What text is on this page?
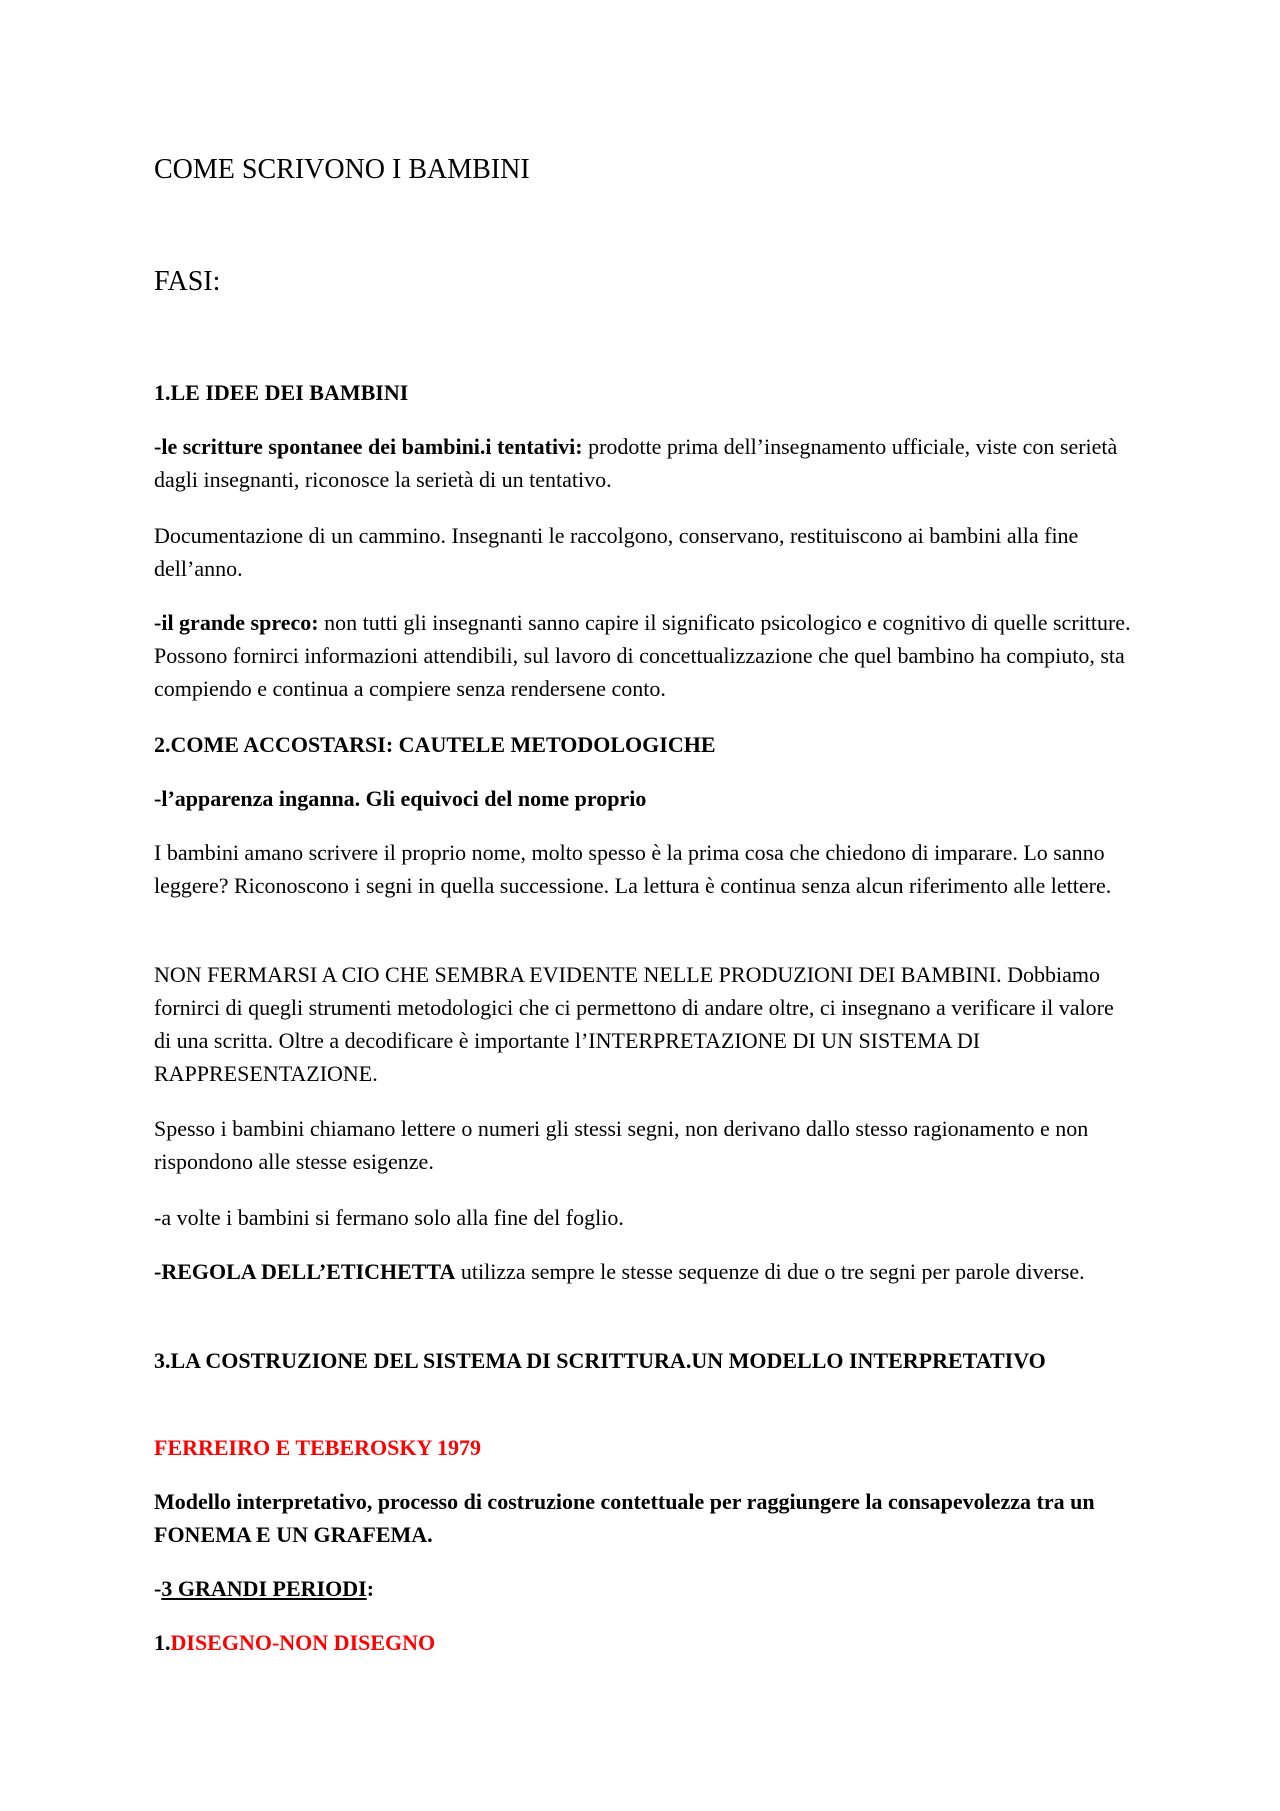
COME SCRIVONO I BAMBINI
FASI:
1.LE IDEE DEI BAMBINI

-le scritture spontanee dei bambini.i tentativi: prodotte prima dell’insegnamento ufficiale, viste con serietà dagli insegnanti, riconosce la serietà di un tentativo.

Documentazione di un cammino. Insegnanti le raccolgono, conservano, restituiscono ai bambini alla fine dell’anno.

-il grande spreco: non tutti gli insegnanti sanno capire il significato psicologico e cognitivo di quelle scritture. Possono fornirci informazioni attendibili, sul lavoro di concettualizzazione che quel bambino ha compiuto, sta compiendo e continua a compiere senza rendersene conto.

2.COME ACCOSTARSI: CAUTELE METODOLOGICHE
-l’apparenza inganna. Gli equivoci del nome proprio

I bambini amano scrivere il proprio nome, molto spesso è la prima cosa che chiedono di imparare. Lo sanno leggere? Riconoscono i segni in quella successione. La lettura è continua senza alcun riferimento alle lettere.

NON FERMARSI A CIO CHE SEMBRA EVIDENTE NELLE PRODUZIONI DEI BAMBINI. Dobbiamo fornirci di quegli strumenti metodologici che ci permettono di andare oltre, ci insegnano a verificare il valore di una scritta. Oltre a decodificare è importante l’INTERPRETAZIONE DI UN SISTEMA DI RAPPRESENTAZIONE.

Spesso i bambini chiamano lettere o numeri gli stessi segni, non derivano dallo stesso ragionamento e non rispondono alle stesse esigenze.

-a volte i bambini si fermano solo alla fine del foglio.

-REGOLA DELL’ETICHETTA utilizza sempre le stesse sequenze di due o tre segni per parole diverse.

3.LA COSTRUZIONE DEL SISTEMA DI SCRITTURA.UN MODELLO INTERPRETATIVO
FERREIRO E TEBEROSKY 1979

Modello interpretativo, processo di costruzione contettuale per raggiungere la consapevolezza tra un FONEMA E UN GRAFEMA.

-3 GRANDI PERIODI:
1.DISEGNO-NON DISEGNO
